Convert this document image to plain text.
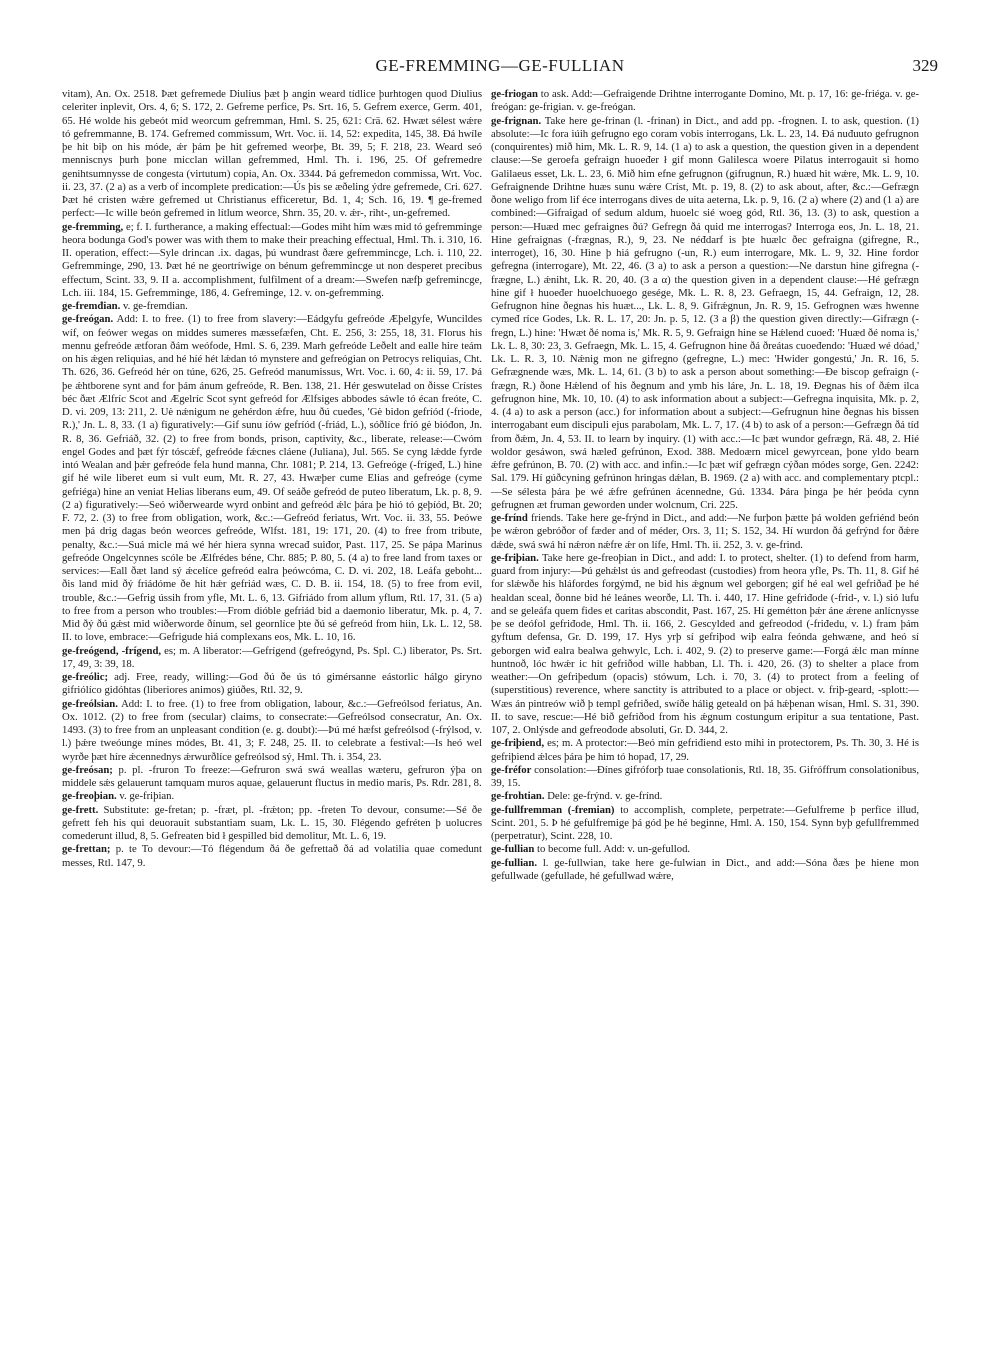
GE-FREMMING—GE-FULLIAN	329

vitam), An. Ox. 2518. Þæt gefremede Diulius þæt þ angin weard tídlice þurhtogen quod Diulius celeriter inplevit, Ors. 4, 6; S. 172, 2. Gefreme perfice, Ps. Srt. 16, 5. Gefrem exerce, Germ. 401, 65. Hé wolde his gebeót mid weorcum gefremman, Hml. S. 25, 621: Crä. 62. Hwæt sélest wǽre tó gefremmanne, B. 174. Gefremed commissum, Wrt. Voc. ii. 14, 52: expedita, 145, 38. Ðá hwíle þe hit biþ on his móde, ǽr þám þe hit gefremed weorþe, Bt. 39, 5; F. 218, 23. Weard seó menniscnys þurh þone micclan willan gefremmed, Hml. Th. i. 196, 25. Of gefremedre genihtsumnysse de congesta (virtutum) copia, An. Ox. 3344. Þá gefremedon commissa, Wrt. Voc. ii. 23, 37. (2 a) as a verb of incomplete predication:—Ús þis se æðeling ýdre gefremede, Cri. 627. Þæt hé cristen wǽre gefremed ut Christianus efficeretur, Bd. 1, 4; Sch. 16, 19. ¶ ge-fremed perfect:—Ic wille beón gefremed in lítlum weorce, Shrn. 35, 20. v. ǽr-, riht-, un-gefremed.

ge-fremming, e; f. I. furtherance, a making effectual:—Godes miht hím wæs mid tó gefremminge heora bodunga God's power was with them to make their preaching effectual, Hml. Th. i. 310, 16. II. operation, effect:—Syle drincan .ix. dagas, þú wundrast ðære gefremmincge, Lch. i. 110, 22. Gefremminge, 290, 13. Þæt hé ne geortríwige on bénum gefremmincge ut non desperet precibus effectum, Scint. 33, 9. II a. accomplishment, fulfilment of a dream:—Swefen næfþ gefremincge, Lch. iii. 184, 15. Gefremminge, 186, 4. Gefreminge, 12. v. on-gefremming.

ge-fremđian. v. ge-fremdian.

ge-freógan. Add: I. to free. (1) to free from slavery:—Eádgyfu gefreóde Æþelgyfe, Wuncildes wíf, on feówer wegas on middes sumeres mæssefæfen, Cht. E. 256, 3: 255, 18, 31. Florus his mennu gefreóde ætforan ðám weófode, Hml. S. 6, 239. Marh gefreóde Leðelt and ealle hire teám on his ǽgen reliquias, and hé híé hét lǽdan tó mynstere and gefreógian on Petrocys reliquias, Cht. Th. 626, 36. Gefreód hér on túne, 626, 25. Gefreód manumissus, Wrt. Voc. i. 60, 4: ii. 59, 17. Þá þe ǽhtborene synt and for þám ánum gefreóde, R. Ben. 138, 21. Hér geswutelad on ðisse Crístes béc ðæt Ælfríc Scot and Ægelríc Scot synt gefreód for Ælfsiges abbodes sáwle tó écan freóte, C. D. vi. 209, 13: 211, 2. Uė nǽnigum ne gehérdon ǽfre, huu ðú cueđes, 'Gė bidon gefríód (-friode, R.),' Jn. L. 8, 33. (1 a) figuratively:—Gif sunu íów gefríód (-friád, L.), sóðlíce fríó gė bióđon, Jn. R. 8, 36. Gefriáð, 32. (2) to free from bonds, prison, captivity, &c., liberate, release:—Cwóm engel Godes and þæt fýr tóscǽf, gefreóde fǽcnes cláene (Juliana), Jul. 565. Se cyng lǽdde fyrde intó Wealan and þǽr gefreóde fela hund manna, Chr. 1081; P. 214, 13. Gefreóge (-frígeđ, L.) hine gif hé wile liberet eum si vult eum, Mt. R. 27, 43. Hwæþer cume Elias and gefreóge (cyme gefriéga) hine an veniat Helias liberans eum, 49. Of seáðe gefreód de puteo liberatum, Lk. p. 8, 9. (2 a) figuratively:—Seó wiðerwearde wyrd onbint and gefreód ǽlc þára þe hió tó geþíód, Bt. 20; F. 72, 2. (3) to free from obligation, work, &c.:—Gefreód feriatus, Wrt. Voc. ii. 33, 55. Þeówe men þá drig dagas beón weorces gefreóde, Wlfst. 181, 19: 171, 20. (4) to free from tribute, penalty, &c.:—Suá micle má wé hér hiera synna wrecađ suiđor, Past. 117, 25. Se pápa Marinus gefreóde Ongelcynnes scóle be Ælfrédes béne, Chr. 885; P. 80, 5. (4 a) to free land from taxes or services:—Eall ðæt land sý ǽcelíce gefreód ealra þeówcóma, C. D. vi. 202, 18. Leáfa geboht... ðis land mid ðý friádóme ðe hit hǽr gefriád wæs, C. D. B. ii. 154, 18. (5) to free from evil, trouble, &c.:—Gefrig ússih from yfle, Mt. L. 6, 13. Gifriádo from allum yflum, Rtl. 17, 31. (5 a) to free from a person who troubles:—From dióble gefriád bid a daemonio liberatur, Mk. p. 4, 7. Mid ðý ðú gǽst mid wiðerworde ðínum, sel geornlíce þte ðú sé gefreód from hiin, Lk. L. 12, 58. II. to love, embrace:—Gefrigude hiá complexans eos, Mk. L. 10, 16.

ge-freógend, -frígend, es; m. A liberator:—Gefrígend (gefreógynd, Ps. Spl. C.) liberator, Ps. Srt. 17, 49, 3: 39, 18.

ge-freólic; adj. Free, ready, willing:—God ðú ðe ús tó gimérsanne eástorlic hálgo giryno gifriólíco gidóhtas (liberiores animos) giúðes, Rtl. 32, 9.

ge-freólsian. Add: I. to free. (1) to free from obligation, labour, &c.:—Gefreólsod feriatus, An. Ox. 1012. (2) to free from (secular) claims, to consecrate:—Gefreólsod consecratur, An. Ox. 1493. (3) to free from an unpleasant condition (e. g. doubt):—Þú mé hæfst gefreólsod (-frýlsod, v. l.) þǽre tweóunge mínes módes, Bt. 41, 3; F. 248, 25. II. to celebrate a festival:—Is heó wel wyrðe þæt híre ǽcennednys ǽrwurðlíce gefreólsod sý, Hml. Th. i. 354, 23.

ge-freósan; p. pl. -fruron To freeze:—Gefruron swá swá weallas wæteru, gefruron ýþa on middele sǽs gelauerunt tamquam muros aquae, gelauerunt fluctus in medio maris, Ps. Rdr. 281, 8.

ge-freoþian. v. ge-friþian.

ge-frett. Substitute: ge-fretan; p. -fræt, pl. -frǽton; pp. -freten To devour, consume:—Sé ðe gefrett feh his qui deuorauit substantiam suam, Lk. L. 15, 30. Flégendo gefréten þ uolucres comederunt illud, 8, 5. Gefreaten bid ł gespilled bid demolitur, Mt. L. 6, 19.

ge-frettan; p. te To devour:—Tó flégendum ðá ðe gefrettað ðá ad volatilia quae comedunt messes, Rtl. 147, 9.

ge-friogan to ask. Add:—Gefraigende Drihtne interrogante Domino, Mt. p. 17, 16: ge-friéga. v. ge-freógan: ge-frigian. v. ge-freógan.

ge-frignan. Take here ge-frinan (l. -frinan) in Dict., and add pp. -frognen. I. to ask, question. (1) absolute:—Ic fora iúih gefrugno ego coram vobis interrogans, Lk. L. 23, 14. Ðá nuđuuto gefrugnon (conquirentes) mið him, Mk. L. R. 9, 14. (1 a) to ask a question, the question given in a dependent clause:—Se geroefa gefraign huoeđer ł gif monn Galilesca woere Pilatus interrogauit si homo Galilaeus esset, Lk. L. 23, 6. Mið him efne gefrugnon (gifrugnun, R.) huæd hit wǽre, Mk. L. 9, 10. Gefraignende Drihtne huæs sunu wǽre Críst, Mt. p. 19, 8. (2) to ask about, after, &c.:—Gefrægn ðone weligo from lif éce interrogans dives de uita aeterna, Lk. p. 9, 16. (2 a) where (2) and (1 a) are combined:—Gifraigad of sedum aldum, huoelc sié woeg gód, Rtl. 36, 13. (3) to ask, question a person:—Huæd mec gefraignes ðú? Gefregn ðá quid me interrogas? Interroga eos, Jn. L. 18, 21. Hine gefraignas (-frægnas, R.), 9, 23. Ne néđdarf is þte huælc ðec gefraigna (gifregne, R., interroget), 16, 30. Hine þ hiá gefrugno (-un, R.) eum interrogare, Mk. L. 9, 32. Hine fordor gefregna (interrogare), Mt. 22, 46. (3 a) to ask a person a question:—Ne darstun hine gifregna (-frægne, L.) ǽniht, Lk. R. 20, 40. (3 a α) the question given in a dependent clause:—Hé gefrægn hine gif ł huoeđer huoelchuoego gesége, Mk. L. R. 8, 23. Gefraegn, 15, 44. Gefraign, 12, 28. Gefrugnon hine ðegnas his huæt..., Lk. L. 8, 9. Gifrǽgnun, Jn. R. 9, 15. Gefrognen wæs hwenne cymeđ ríce Godes, Lk. R. L. 17, 20: Jn. p. 5, 12. (3 a β) the question given directly:—Gifrægn (-fregn, L.) hine: 'Hwæt ðé noma is,' Mk. R. 5, 9. Gefraign hine se Hǽlend cuoeđ: 'Huæd ðé noma is,' Lk. L. 8, 30: 23, 3. Gefraegn, Mk. L. 15, 4. Gefrugnon hine ðá ðreátas cuoeđendo: 'Huæd wé dóad,' Lk. L. R. 3, 10. Nǽnig mon ne gifregno (gefregne, L.) mec: 'Hwider gongestú,' Jn. R. 16, 5. Gefrægnende wæs, Mk. L. 14, 61. (3 b) to ask a person about something:—Đe biscop gefraign (-frægn, R.) ðone Hǽlend of his ðegnum and ymb his láre, Jn. L. 18, 19. Ðegnas his of ðǽm ilca gefrugnon hine, Mk. 10, 10. (4) to ask information about a subject:—Gefregna inquisita, Mk. p. 2, 4. (4 a) to ask a person (acc.) for information about a subject:—Gefrugnun hine ðegnas his bissen interrogabant eum discipuli ejus parabolam, Mk. L. 7, 17. (4 b) to ask of a person:—Gefrægn ðá tíd from ðǽm, Jn. 4, 53. II. to learn by inquiry. (1) with acc.:—Ic þæt wundor gefrægn, Rä. 48, 2. Hié woldor gesáwon, swá hæleđ gefrúnon, Exod. 388. Medoærn micel gewyrcean, þone yldo bearn ǽfre gefrúnon, B. 70. (2) with acc. and infin.:—Ic þæt wíf gefrægn cýðan módes sorge, Gen. 2242: Sal. 179. Hí gúðcyning gefrúnon hringas dǽlan, B. 1969. (2 a) with acc. and complementary ptcpl.:—Se sélesta þára þe wé ǽfre gefrúnen ácennedne, Gú. 1334. Þára þinga þe hér þeóda cynn gefrugnen æt fruman geworden under wolcnum, Cri. 225.

ge-frínd friends. Take here ge-frýnd in Dict., and add:—Ne furþon þætte þá wolden gefriénd beón þe wǽron gebróðor of fæder and of méder, Ors. 3, 11; S. 152, 34. Hí wurdon ðá gefrýnd for ðǽre dǽde, swá swá hí nǽron nǽfre ǽr on lífe, Hml. Th. ii. 252, 3. v. ge-frind.

ge-friþian. Take here ge-freoþian in Dict., and add: I. to protect, shelter. (1) to defend from harm, guard from injury:—Þú gehǽlst ús and gefreodast (custodies) from heora yfle, Ps. Th. 11, 8. Gif hé for slǽwðe his hláfordes forgýmđ, ne bid his ǽgnum wel geborgen; gif hé eal wel gefriðađ þe hé healdan sceal, ðonne bid hé leánes weorðe, Ll. Th. i. 440, 17. Hine gefriđode (-frid-, v. l.) sió lufu and se geleáfa quem fides et caritas abscondit, Past. 167, 25. Hí gemétton þǽr áne ǽrene anlícnysse þe se deófol gefriđode, Hml. Th. ii. 166, 2. Gescylded and gefreodod (-friđedu, v. l.) fram þám gyftum defensa, Gr. D. 199, 17. Hys yrþ sí gefriþod wiþ ealra feónda gehwæne, and heó sí geborgen wiđ ealra bealwa gehwylc, Lch. i. 402, 9. (2) to preserve game:—Forgá ǽlc man mínne huntnoð, lóc hwǽr ic hit gefriðod wille habban, Ll. Th. i. 420, 26. (3) to shelter a place from weather:—On gefriþedum (opacis) stówum, Lch. i. 70, 3. (4) to protect from a feeling of (superstitious) reverence, where sanctity is attributed to a place or object. v. friþ-geard, -splott:—Wæs án pintreów wið þ templ gefriðed, swíðe hálig geteald on þá hǽþenan wísan, Hml. S. 31, 390. II. to save, rescue:—Hé bið gefriðod from his ǽgnum costungum eripitur a sua tentatione, Past. 107, 2. Onlýsde and gefreođode absoluti, Gr. D. 344, 2.

ge-friþiend, es; m. A protector:—Beó mín gefriđiend esto mihi in protectorem, Ps. Th. 30, 3. Hé is gefriþiend ǽlces þára þe him tó hopađ, 17, 29.

ge-fréfor consolation:—Ðínes gifróforþ tuae consolationis, Rtl. 18, 35. Gifróffrum consolationibus, 39, 15.

ge-frohtian. Dele: ge-frýnd. v. ge-frínd.

ge-fullfremman (-fremian) to accomplish, complete, perpetrate:—Gefulfreme þ perfice illud, Scint. 201, 5. Þ hé gefulfremige þá gód þe hé beginne, Hml. A. 150, 154. Synn byþ gefullfremmed (perpetratur), Scint. 228, 10.

ge-fullian to become full. Add: v. un-gefullod.

ge-fullian. l. ge-fullwian, take here ge-fulwian in Dict., and add:—Sóna ðæs þe hiene mon gefullwade (gefullade, hé gefullwad wǽre,
